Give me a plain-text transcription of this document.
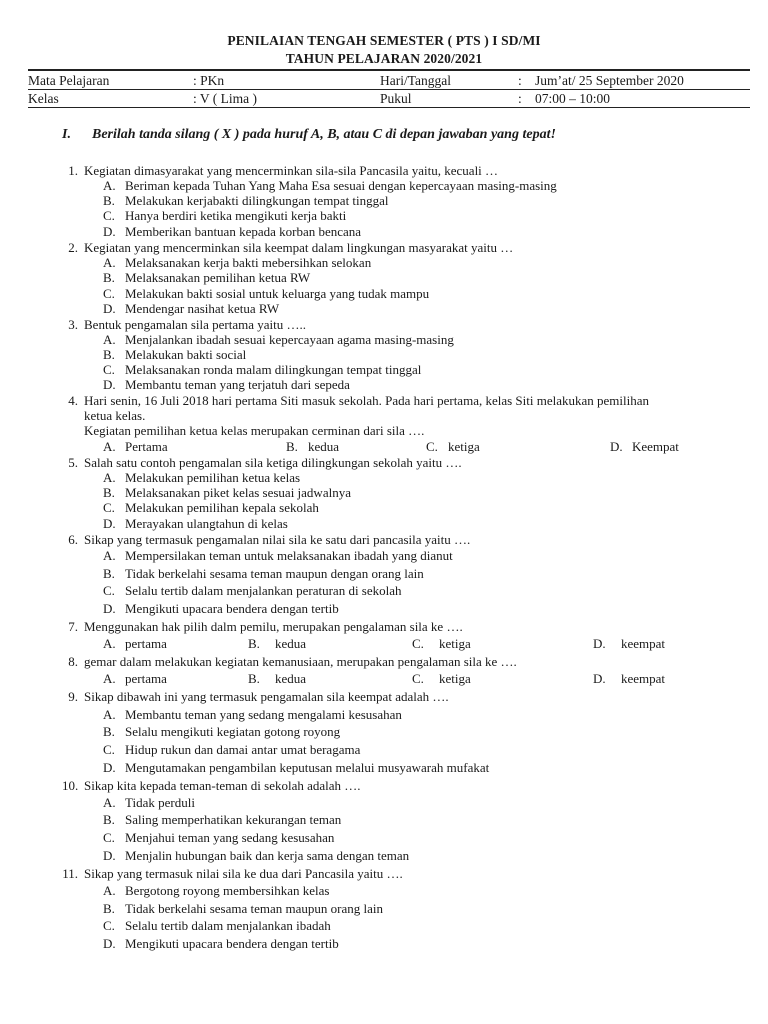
PENILAIAN TENGAH SEMESTER ( PTS ) I SD/MI
TAHUN PELAJARAN 2020/2021
Mata Pelajaran	: PKn	Hari/Tanggal	: Jum’at/ 25 September 2020
Kelas	: V ( Lima )	Pukul	: 07:00 – 10:00
I. Berilah tanda silang ( X ) pada huruf A, B, atau C di depan jawaban yang tepat!
1. Kegiatan dimasyarakat yang mencerminkan sila-sila Pancasila yaitu, kecuali …
A. Beriman kepada Tuhan Yang Maha Esa sesuai dengan kepercayaan masing-masing
B. Melakukan kerjabakti dilingkungan tempat tinggal
C. Hanya berdiri ketika mengikuti kerja bakti
D. Memberikan bantuan kepada korban bencana
2. Kegiatan yang mencerminkan sila keempat dalam lingkungan masyarakat yaitu …
A. Melaksanakan kerja bakti mebersihkan selokan
B. Melaksanakan pemilihan ketua RW
C. Melakukan bakti sosial untuk keluarga yang tudak mampu
D. Mendengar nasihat ketua RW
3. Bentuk pengamalan sila pertama yaitu …..
A. Menjalankan ibadah sesuai kepercayaan agama masing-masing
B. Melakukan bakti social
C. Melaksanakan ronda malam dilingkungan tempat tinggal
D. Membantu teman yang terjatuh dari sepeda
4. Hari senin, 16 Juli 2018 hari pertama Siti masuk sekolah. Pada hari pertama, kelas Siti melakukan pemilihan
ketua kelas.
Kegiatan pemilihan ketua kelas merupakan cerminan dari sila ….
A. Pertama	B. kedua	C. ketiga	D. Keempat
5. Salah satu contoh pengamalan sila ketiga dilingkungan sekolah yaitu ….
A. Melakukan pemilihan ketua kelas
B. Melaksanakan piket kelas sesuai jadwalnya
C. Melakukan pemilihan kepala sekolah
D. Merayakan ulangtahun di kelas
6. Sikap yang termasuk pengamalan nilai sila ke satu dari pancasila yaitu ….
A. Mempersilakan teman untuk melaksanakan ibadah yang dianut
B. Tidak berkelahi sesama teman maupun dengan orang lain
C. Selalu tertib dalam menjalankan peraturan di sekolah
D. Mengikuti upacara bendera dengan tertib
7. Menggunakan hak pilih dalm pemilu, merupakan pengalaman sila ke ….
A. pertama	B. kedua	C. ketiga	D. keempat
8. gemar dalam melakukan kegiatan kemanusiaan, merupakan pengalaman sila ke ….
A. pertama	B. kedua	C. ketiga	D. keempat
9. Sikap dibawah ini yang termasuk pengamalan sila keempat adalah ….
A. Membantu teman yang sedang mengalami kesusahan
B. Selalu mengikuti kegiatan gotong royong
C. Hidup rukun dan damai antar umat beragama
D. Mengutamakan pengambilan keputusan melalui musyawarah mufakat
10. Sikap kita kepada teman-teman di sekolah adalah ….
A. Tidak perduli
B. Saling memperhatikan kekurangan teman
C. Menjahui teman yang sedang kesusahan
D. Menjalin hubungan baik dan kerja sama dengan teman
11. Sikap yang termasuk nilai sila ke dua dari Pancasila yaitu ….
A. Bergotong royong membersihkan kelas
B. Tidak berkelahi sesama teman maupun orang lain
C. Selalu tertib dalam menjalankan ibadah
D. Mengikuti upacara bendera dengan tertib
